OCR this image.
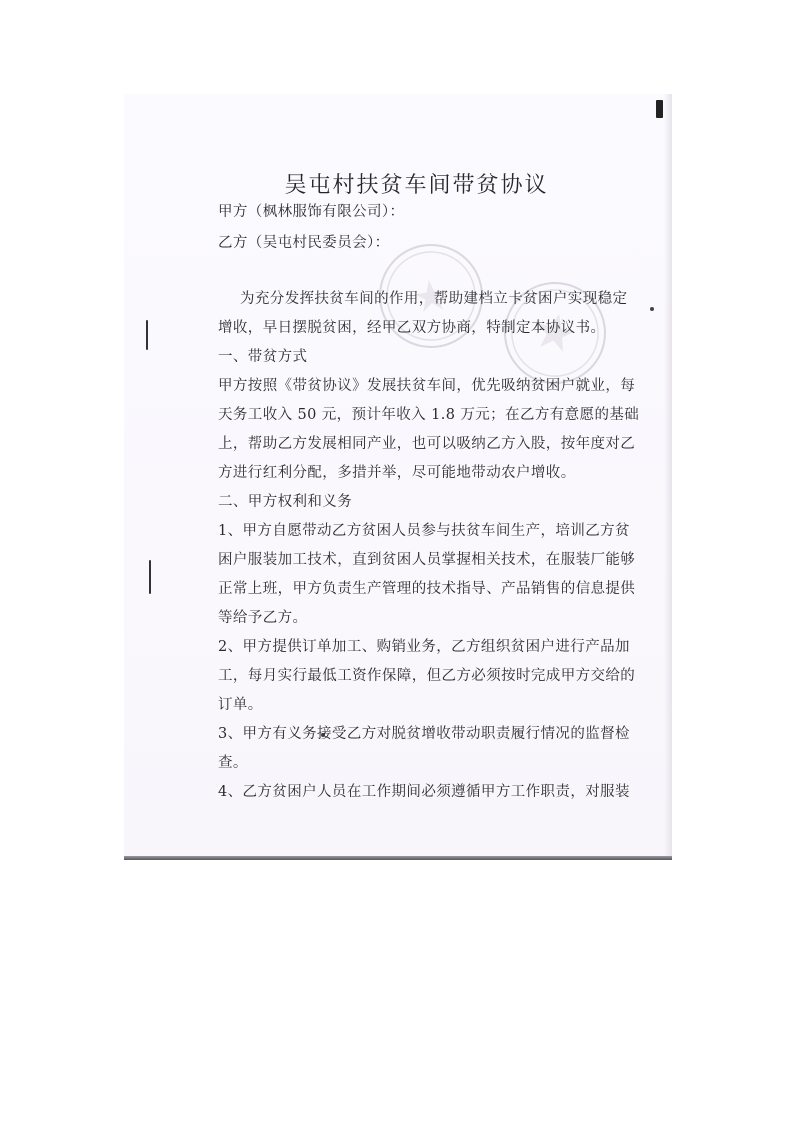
吴屯村扶贫车间带贫协议
甲方（枫林服饰有限公司）：
乙方（吴屯村民委员会）：
为充分发挥扶贫车间的作用，帮助建档立卡贫困户实现稳定
增收，早日摆脱贫困，经甲乙双方协商，特制定本协议书。
一、带贫方式
甲方按照《带贫协议》发展扶贫车间，优先吸纳贫困户就业，每
天务工收入 50 元，预计年收入 1.8 万元；在乙方有意愿的基础
上，帮助乙方发展相同产业，也可以吸纳乙方入股，按年度对乙
方进行红利分配，多措并举，尽可能地带动农户增收。
二、甲方权利和义务
1、甲方自愿带动乙方贫困人员参与扶贫车间生产，培训乙方贫
困户服装加工技术，直到贫困人员掌握相关技术，在服装厂能够
正常上班，甲方负责生产管理的技术指导、产品销售的信息提供
等给予乙方。
2、甲方提供订单加工、购销业务，乙方组织贫困户进行产品加
工，每月实行最低工资作保障，但乙方必须按时完成甲方交给的
订单。
3、甲方有义务接受乙方对脱贫增收带动职责履行情况的监督检
查。
4、乙方贫困户人员在工作期间必须遵循甲方工作职责，对服装
